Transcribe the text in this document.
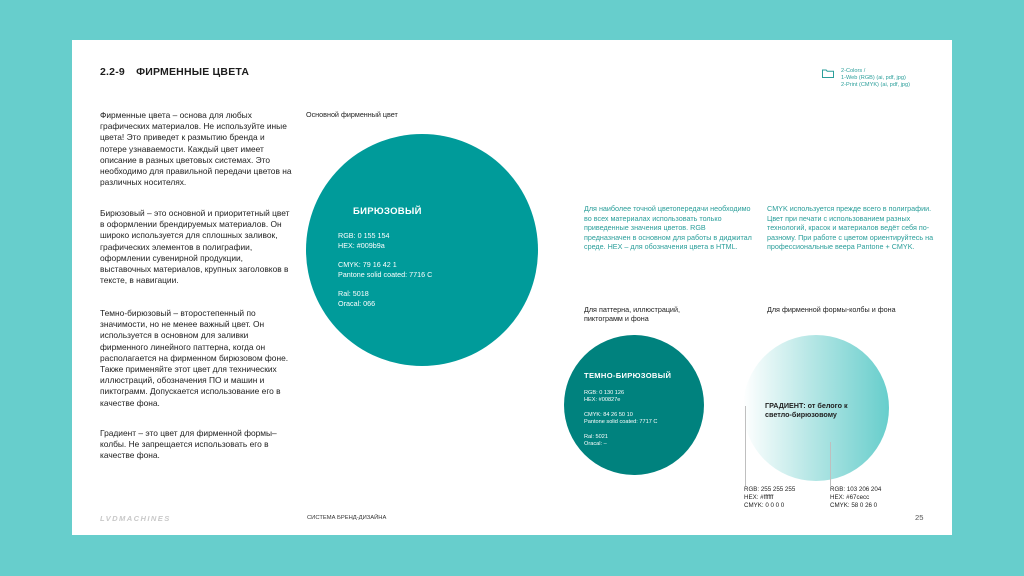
2.2-9 ФИРМЕННЫЕ ЦВЕТА	2-Colors /
1-Web (RGB) (ai, pdf, jpg)
2-Print (CMYK) (ai, pdf, jpg)
Фирменные цвета – основа для любых графических материалов. Не используйте иные цвета! Это приведет к размытию бренда и потере узнаваемости. Каждый цвет имеет описание в разных цветовых системах. Это необходимо для правильной передачи цветов на различных носителях.
Бирюзовый – это основной и приоритетный цвет в оформлении брендируемых материалов. Он широко используется для сплошных заливок, графических элементов в полиграфии, оформлении сувенирной продукции, выставочных материалов, крупных заголовков в тексте, в навигации.
Темно-бирюзовый – второстепенный по значимости, но не менее важный цвет. Он используется в основном для заливки фирменного линейного паттерна, когда он располагается на фирменном бирюзовом фоне. Также применяйте этот цвет для технических иллюстраций, обозначения ПО и машин и пиктограмм. Допускается использование его в качестве фона.
Градиент – это цвет для фирменной формы–колбы. Не запрещается использовать его в качестве фона.
Основной фирменный цвет
БИРЮЗОВЫЙ
RGB: 0 155 154
HEX: #009b9a
CMYK: 79 16 42 1
Pantone solid coated: 7716 C
Ral: 5018
Oracal: 066
Для наиболее точной цветопередачи необходимо во всех материалах использовать только приведенные значения цветов. RGB предназначен в основном для работы в диджитал среде. HEX – для обозначения цвета в HTML.
CMYK используется прежде всего в полиграфии. Цвет при печати с использованием разных технологий, красок и материалов ведёт себя по-разному. При работе с цветом ориентируйтесь на профессиональные веера Pantone + CMYK.
Для паттерна, иллюстраций, пиктограмм и фона
ТЕМНО-БИРЮЗОВЫЙ
RGB: 0 130 126
HEX: #00827e
CMYK: 84 26 50 10
Pantone solid coated: 7717 C
Ral: 5021
Oracal: –
Для фирменной формы-колбы и фона
ГРАДИЕНТ: от белого к светло-бирюзовому
RGB: 255 255 255
HEX: #ffffff
CMYK: 0 0 0 0
RGB: 103 206 204
HEX: #67cecc
CMYK: 58 0 26 0
LVDMACHINES	СИСТЕМА БРЕНД-ДИЗАЙНА	25
